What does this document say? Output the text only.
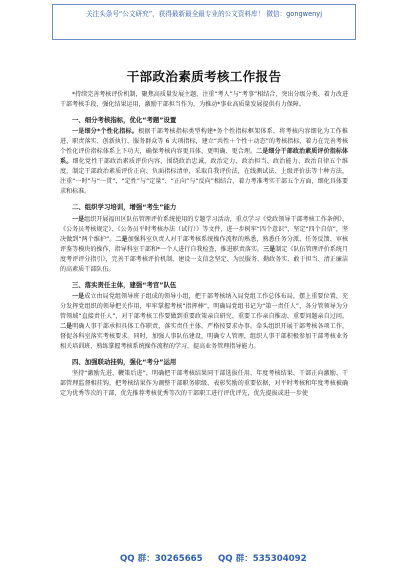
关注头条号“公文研究”，获得最新最全最专业的公文资料库！ 微信：gongwenyj
干部政治素质考核工作报告

*持续完善考核评价机制，聚焦高质量发展主题，注重“考人”与“考事”相结合，突出分级分类、着力改进干部考核手段，强化结果运用，激励干部担当作为，为推动*事业高质量发展提供有力保障。

一、细分考核指标，优化“考题”设置

一是细分*个性化指标。根据干部考核指标类型构建*务个性指标框架体系，将考核内容细化为工作推进、职责落实、创新执行、服务群众等 6 大项指标，建立“共性＋个性＋动态”的考核指标，着力在完善考核个性化评价指标体系上下功夫，确保考核内容更具体、更明确、更合理。二是细分干部政治素质评价指标体系。细化党性干部政治素质评价内容，围绕政治忠诚、政治定力、政治担当、政治能力、政治自律五个维度，制定干部政治素质评价正向、负面指标清单，采取自我评价法，在线测试法、上级评价法等十种方法，注重“一时”与“一贯”、“定性”与“定量”、“正向”与“反向”相结合，着力考准考实干部五个方面，细化具体要求和标准。

二、组织学习培训，增强“考生”能力

一是组织开展福田区队伍管理评价系统使用的专题学习活动，重点学习《党政领导干部考核工作条例》、《公务员考核规定》、《公务员平时考核办法（试行）》等文件，进一步树牢“四个意识”，坚定“四个自信”，坚决做到“两个维护”。二是加强科室负责人对干部考核系统操作流程的熟悉，熟悉任务分派、任务反馈、审核评鉴等模块的操作，指导科室干部和*一个人进行自我检查，推进职责落实。三是制定《队伍管理评价系统月度考评评分指引》，完善干部考核评价机制，建设一支信念坚定、为民服务、勤政务实、敢于担当、清正廉洁的高素质干部队伍。

三、落实责任主体，建强“考官”队伍

一是成立由局党组领导班子组成的领导小组，把干部考核纳入局党组工作总体布局，摆上重要位置，充分发挥党组织的领导把关作用，牢牢掌握考核“指挥棒”，明确局党组书记为“第一责任人”，各分管领导为分管领域“直接责任人”，对干部考核工作要做到重要政策亲自研究、重要工作亲自推动、重要问题亲自过问。二是明确人事干部承担具体工作职责，落实责任主体，严格按要求办事。牵头组织开展干部考核各项工作，督促各科室落实考核要求。同时，加强人事队伍建设，明确专人管理，组织人事干部积极参加干部考核业务相关培训班，熟练掌握考核系统操作流程的学习，提高业务管理指导能力。

四、加强联动挂钩，强化“考分”运用

坚持“激励先进、鞭策后进”，明确把干部考核结果同干部选拔任用、年度考核结果、干部正向激励、干部管理监督相挂钩，把考核结果作为调整干部职务职级、表彰奖励的重要依据，对平时考核和年度考核被确定为优秀等次的干部，优先推荐考核优秀等次的干部职工进行评优评先，优先提拔或进一步使

QQ 群：30265665 QQ 群：535304092
